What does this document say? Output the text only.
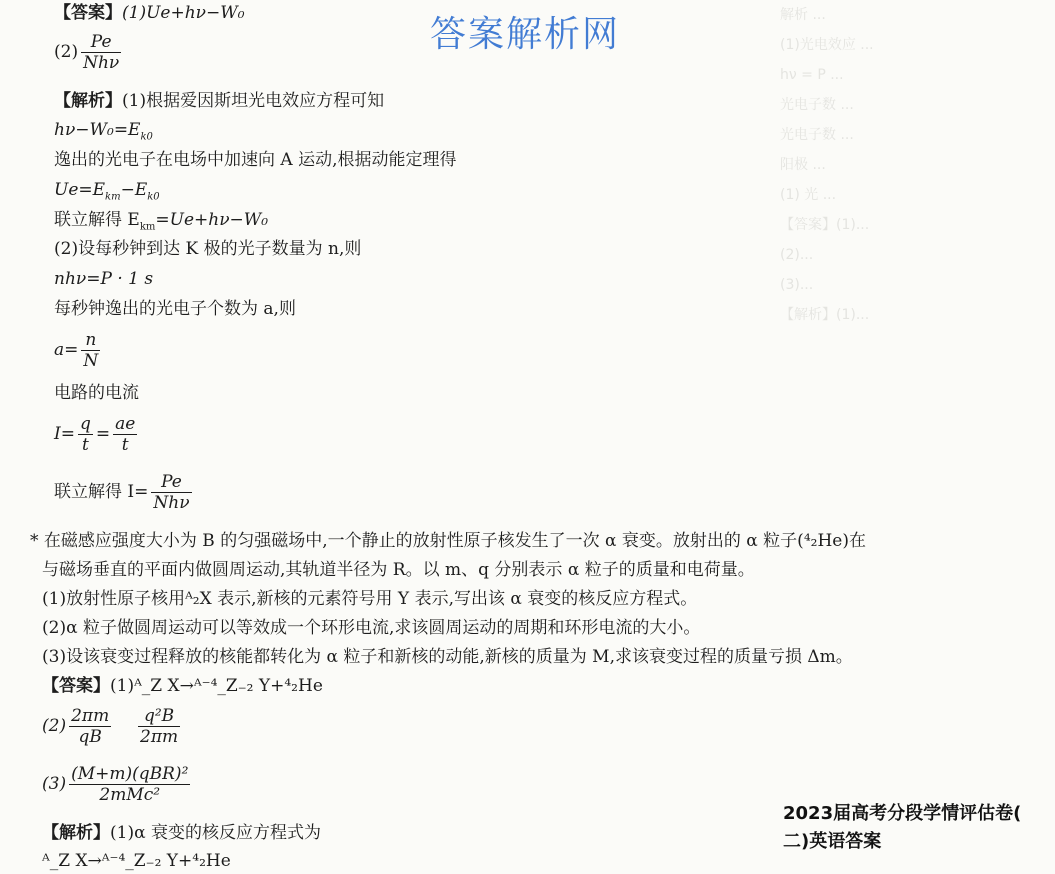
解析 ...
(1)光电效应 ...
hν = P ...
光电子数 ...
光电子数 ...
阳极 ...
(1) 光 ...
【答案】(1)...
(2)...
(3)...
【解析】(1)...
答案解析网
【答案】(1)Ue+hν−W₀
$(2) \frac{Pe}{\text{Nhν}}$
【解析】(1)根据爱因斯坦光电效应方程可知
$h\nu-W_0=E_{k0}$
逸出的光电子在电场中加速向 A 运动,根据动能定理得
$Ue=E_{km}-E_{k0}$
联立解得 $E_{km}=Ue+h\nu-W_0$
(2)设每秒钟到达 K 极的光子数量为 n,则
nhν=P · 1 s
每秒钟逸出的光电子个数为 a,则
$a= \frac{n}{N}$
电路的电流
$I= \frac{q}{t} = \frac{ae}{t}$
联立解得 $I= \frac{Pe}{\text{Nhν}}$
* 在磁感应强度大小为 B 的匀强磁场中,一个静止的放射性原子核发生了一次 α 衰变。放射出的 α 粒子(⁴₂He)在
与磁场垂直的平面内做圆周运动,其轨道半径为 R。以 m、q 分别表示 α 粒子的质量和电荷量。
(1)放射性原子核用ᴬ₂X 表示,新核的元素符号用 Y 表示,写出该 α 衰变的核反应方程式。
(2)α 粒子做圆周运动可以等效成一个环形电流,求该圆周运动的周期和环形电流的大小。
(3)设该衰变过程释放的核能都转化为 α 粒子和新核的动能,新核的质量为 M,求该衰变过程的质量亏损 Δm。
【答案】(1)ᴬ_Z X→ᴬ⁻⁴_Z₋₂ Y+⁴₂He
$(2) \frac{2\pi m}{qB}$
$\frac{\text{q²B}}{2\pi m}$
$(3) \frac{\text{(M+m)(qBR)²}}{\text{2mMc²}}$
【解析】(1)α 衰变的核反应方程式为
ᴬ_Z X→ᴬ⁻⁴_Z₋₂ Y+⁴₂He
2023届高考分段学情评估卷(
二)英语答案
